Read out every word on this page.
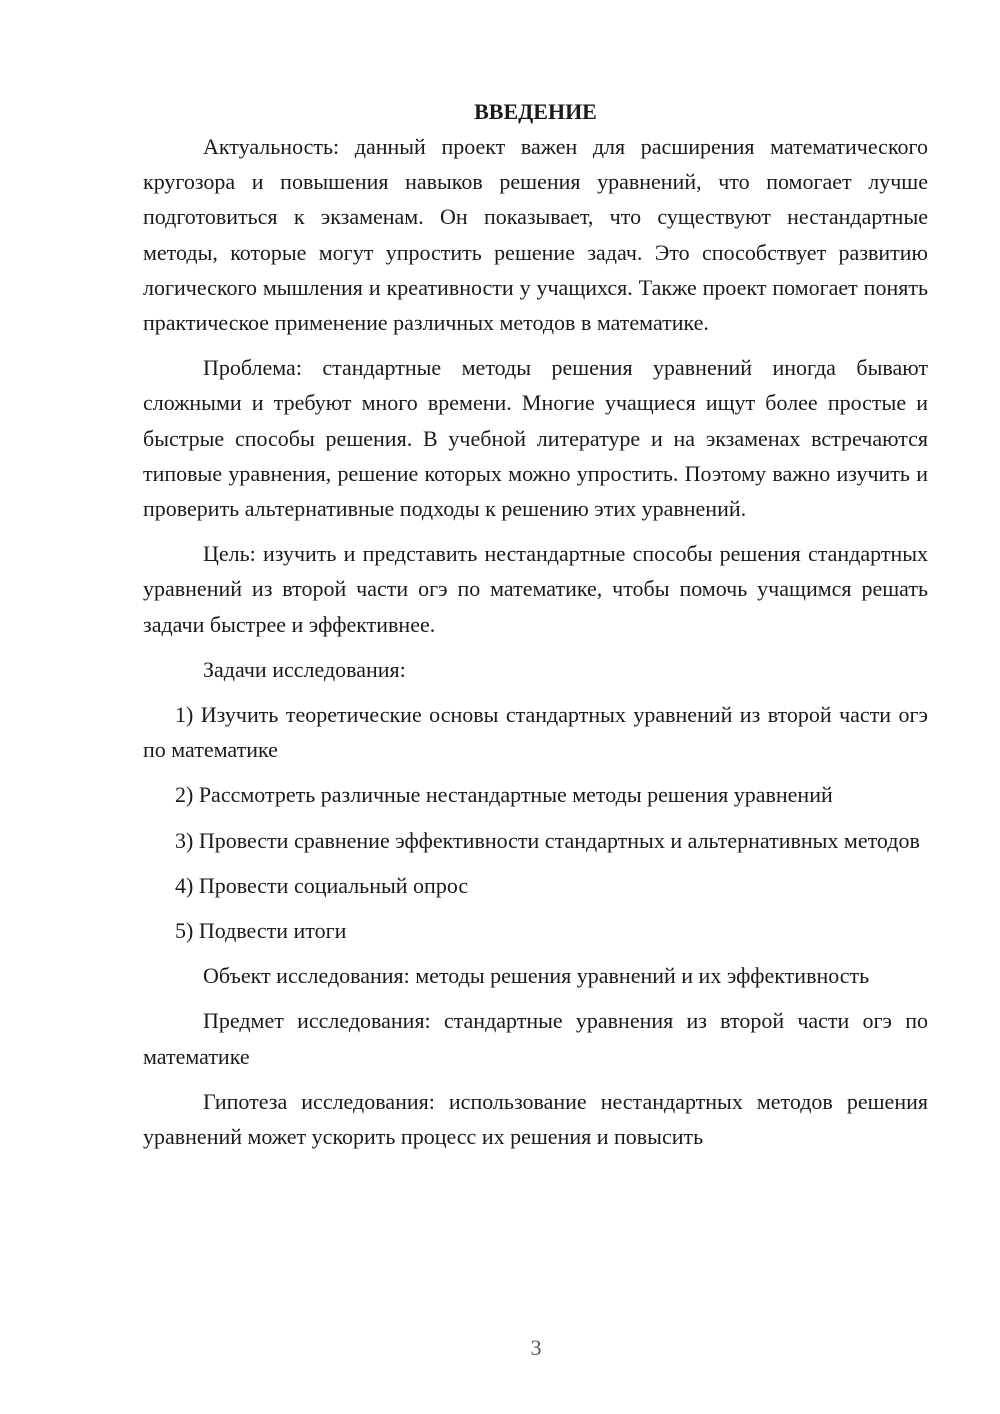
ВВЕДЕНИЕ

Актуальность: данный проект важен для расширения математического кругозора и повышения навыков решения уравнений, что помогает лучше подготовиться к экзаменам. Он показывает, что существуют нестандартные методы, которые могут упростить решение задач. Это способствует развитию логического мышления и креативности у учащихся. Также проект помогает понять практическое применение различных методов в математике.

Проблема: стандартные методы решения уравнений иногда бывают сложными и требуют много времени. Многие учащиеся ищут более простые и быстрые способы решения. В учебной литературе и на экзаменах встречаются типовые уравнения, решение которых можно упростить. Поэтому важно изучить и проверить альтернативные подходы к решению этих уравнений.

Цель: изучить и представить нестандартные способы решения стандартных уравнений из второй части огэ по математике, чтобы помочь учащимся решать задачи быстрее и эффективнее.

Задачи исследования:

1) Изучить теоретические основы стандартных уравнений из второй части огэ по математике

2) Рассмотреть различные нестандартные методы решения уравнений

3) Провести сравнение эффективности стандартных и альтернативных методов

4) Провести социальный опрос

5) Подвести итоги

Объект исследования: методы решения уравнений и их эффективность

Предмет исследования: стандартные уравнения из второй части огэ по математике

Гипотеза исследования: использование нестандартных методов решения уравнений может ускорить процесс их решения и повысить

3
